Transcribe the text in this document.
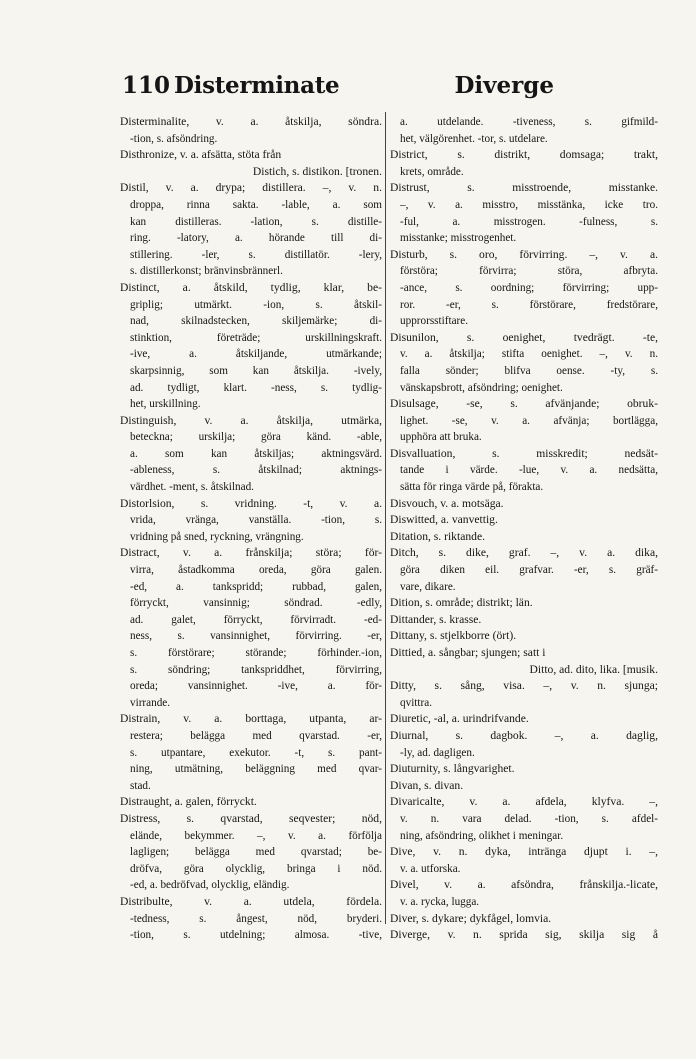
110 Disterminate	Diverge
Disterminalite, v. a. åtskilja, söndra.
-tion, s. afsöndring.
Disthronize, v. a. afsätta, stöta från
Distich, s. distikon. [tronen.
Distil, v. a. drypa; distillera. –, v. n.
droppa, rinna sakta. -lable, a. som
kan distilleras. -lation, s. distille-
ring. -latory, a. hörande till di-
stillering. -ler, s. distillatör. -lery,
s. distillerkonst; bränvinsbrännerl.
Distinct, a. åtskild, tydlig, klar, be-
griplig; utmärkt. -ion, s. åtskil-
nad, skilnadstecken, skiljemärke; di-
stinktion, företräde; urskillningskraft.
-ive, a. åtskiljande, utmärkande;
skarpsinnig, som kan åtskilja. -ively,
ad. tydligt, klart. -ness, s. tydlig-
het, urskillning.
Distinguish, v. a. åtskilja, utmärka,
beteckna; urskilja; göra känd. -able,
a. som kan åtskiljas; aktningsvärd.
-ableness, s. åtskilnad; aktnings-
värdhet. -ment, s. åtskilnad.
Distorlsion, s. vridning. -t, v. a.
vrida, vränga, vanställa. -tion, s.
vridning på sned, ryckning, vrängning.
Distract, v. a. frånskilja; störa; för-
virra, åstadkomma oreda, göra galen.
-ed, a. tankspridd; rubbad, galen,
förryckt, vansinnig; söndrad. -edly,
ad. galet, förryckt, förvirradt. -ed-
ness, s. vansinnighet, förvirring. -er,
s. förstörare; störande; förhinder.-ion,
s. söndring; tankspriddhet, förvirring,
oreda; vansinnighet. -ive, a. för-
virrande.
Distrain, v. a. borttaga, utpanta, ar-
restera; belägga med qvarstad. -er,
s. utpantare, exekutor. -t, s. pant-
ning, utmätning, beläggning med qvar-
stad.
Distraught, a. galen, förryckt.
Distress, s. qvarstad, seqvester; nöd,
elände, bekymmer. –, v. a. förfölja
lagligen; belägga med qvarstad; be-
dröfva, göra olycklig, bringa i nöd.
-ed, a. bedröfvad, olycklig, eländig.
Distribulte, v. a. utdela, fördela.
-tedness, s. ångest, nöd, bryderi.
-tion, s. utdelning; almosa. -tive,
a. utdelande. -tiveness, s. gifmild-
het, välgörenhet. -tor, s. utdelare.
District, s. distrikt, domsaga; trakt,
krets, område.
Distrust, s. misstroende, misstanke.
–, v. a. misstro, misstänka, icke tro.
-ful, a. misstrogen. -fulness, s.
misstanke; misstrogenhet.
Disturb, s. oro, förvirring. –, v. a.
förstöra; förvirra; störa, afbryta.
-ance, s. oordning; förvirring; upp-
ror. -er, s. förstörare, fredstörare,
upprorsstiftare.
Disunilon, s. oenighet, tvedrägt. -te,
v. a. åtskilja; stifta oenighet. –, v. n.
falla sönder; blifva oense. -ty, s.
vänskapsbrott, afsöndring; oenighet.
Disulsage, -se, s. afvänjande; obruk-
lighet. -se, v. a. afvänja; bortlägga,
upphöra att bruka.
Disvalluation, s. misskredit; nedsät-
tande i värde. -lue, v. a. nedsätta,
sätta för ringa värde på, förakta.
Disvouch, v. a. motsäga.
Diswitted, a. vanvettig.
Ditation, s. riktande.
Ditch, s. dike, graf. –, v. a. dika,
göra diken eil. grafvar. -er, s. gräf-
vare, dikare.
Dition, s. område; distrikt; län.
Dittander, s. krasse.
Dittany, s. stjelkborre (ört).
Dittied, a. sångbar; sjungen; satt i
Ditto, ad. dito, lika. [musik.
Ditty, s. sång, visa. –, v. n. sjunga;
qvittra.
Diuretic, -al, a. urindrifvande.
Diurnal, s. dagbok. –, a. daglig,
-ly, ad. dagligen.
Diuturnity, s. långvarighet.
Divan, s. divan.
Divaricalte, v. a. afdela, klyfva. –,
v. n. vara delad. -tion, s. afdel-
ning, afsöndring, olikhet i meningar.
Dive, v. n. dyka, intränga djupt i. –,
v. a. utforska.
Divel, v. a. afsöndra, frånskilja.-licate,
v. a. rycka, lugga.
Diver, s. dykare; dykfågel, lomvia.
Diverge, v. n. sprida sig, skilja sig å
